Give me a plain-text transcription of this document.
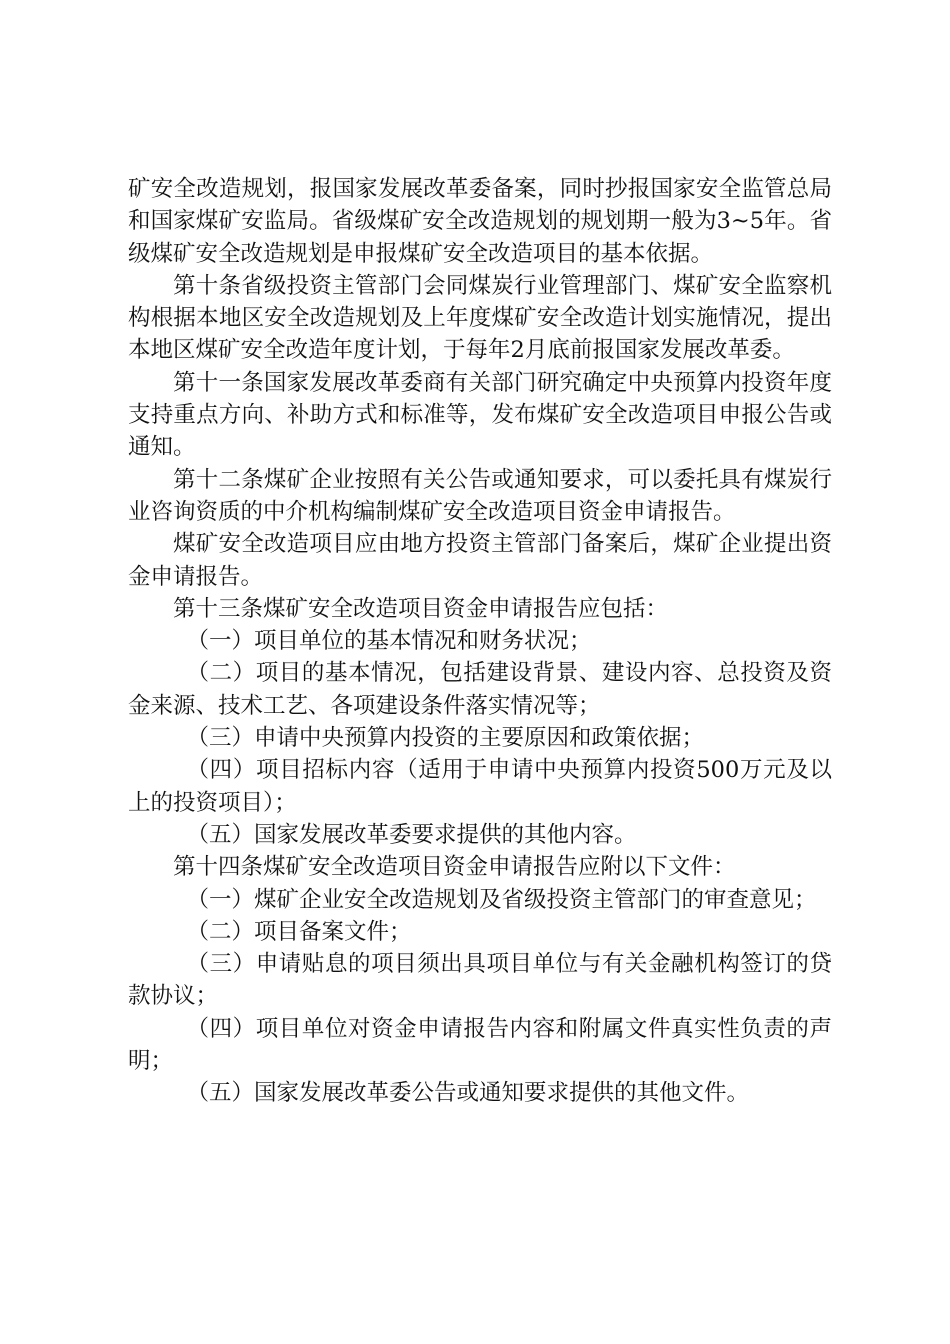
矿安全改造规划，报国家发展改革委备案，同时抄报国家安全监管总局和国家煤矿安监局。省级煤矿安全改造规划的规划期一般为3~5年。省级煤矿安全改造规划是申报煤矿安全改造项目的基本依据。

第十条省级投资主管部门会同煤炭行业管理部门、煤矿安全监察机构根据本地区安全改造规划及上年度煤矿安全改造计划实施情况，提出本地区煤矿安全改造年度计划，于每年2月底前报国家发展改革委。

第十一条国家发展改革委商有关部门研究确定中央预算内投资年度支持重点方向、补助方式和标准等，发布煤矿安全改造项目申报公告或通知。

第十二条煤矿企业按照有关公告或通知要求，可以委托具有煤炭行业咨询资质的中介机构编制煤矿安全改造项目资金申请报告。

煤矿安全改造项目应由地方投资主管部门备案后，煤矿企业提出资金申请报告。

第十三条煤矿安全改造项目资金申请报告应包括：

（一）项目单位的基本情况和财务状况；

（二）项目的基本情况，包括建设背景、建设内容、总投资及资金来源、技术工艺、各项建设条件落实情况等；

（三）申请中央预算内投资的主要原因和政策依据；

（四）项目招标内容（适用于申请中央预算内投资500万元及以上的投资项目）；

（五）国家发展改革委要求提供的其他内容。

第十四条煤矿安全改造项目资金申请报告应附以下文件：

（一）煤矿企业安全改造规划及省级投资主管部门的审查意见；

（二）项目备案文件；

（三）申请贴息的项目须出具项目单位与有关金融机构签订的贷款协议；

（四）项目单位对资金申请报告内容和附属文件真实性负责的声明；

（五）国家发展改革委公告或通知要求提供的其他文件。
